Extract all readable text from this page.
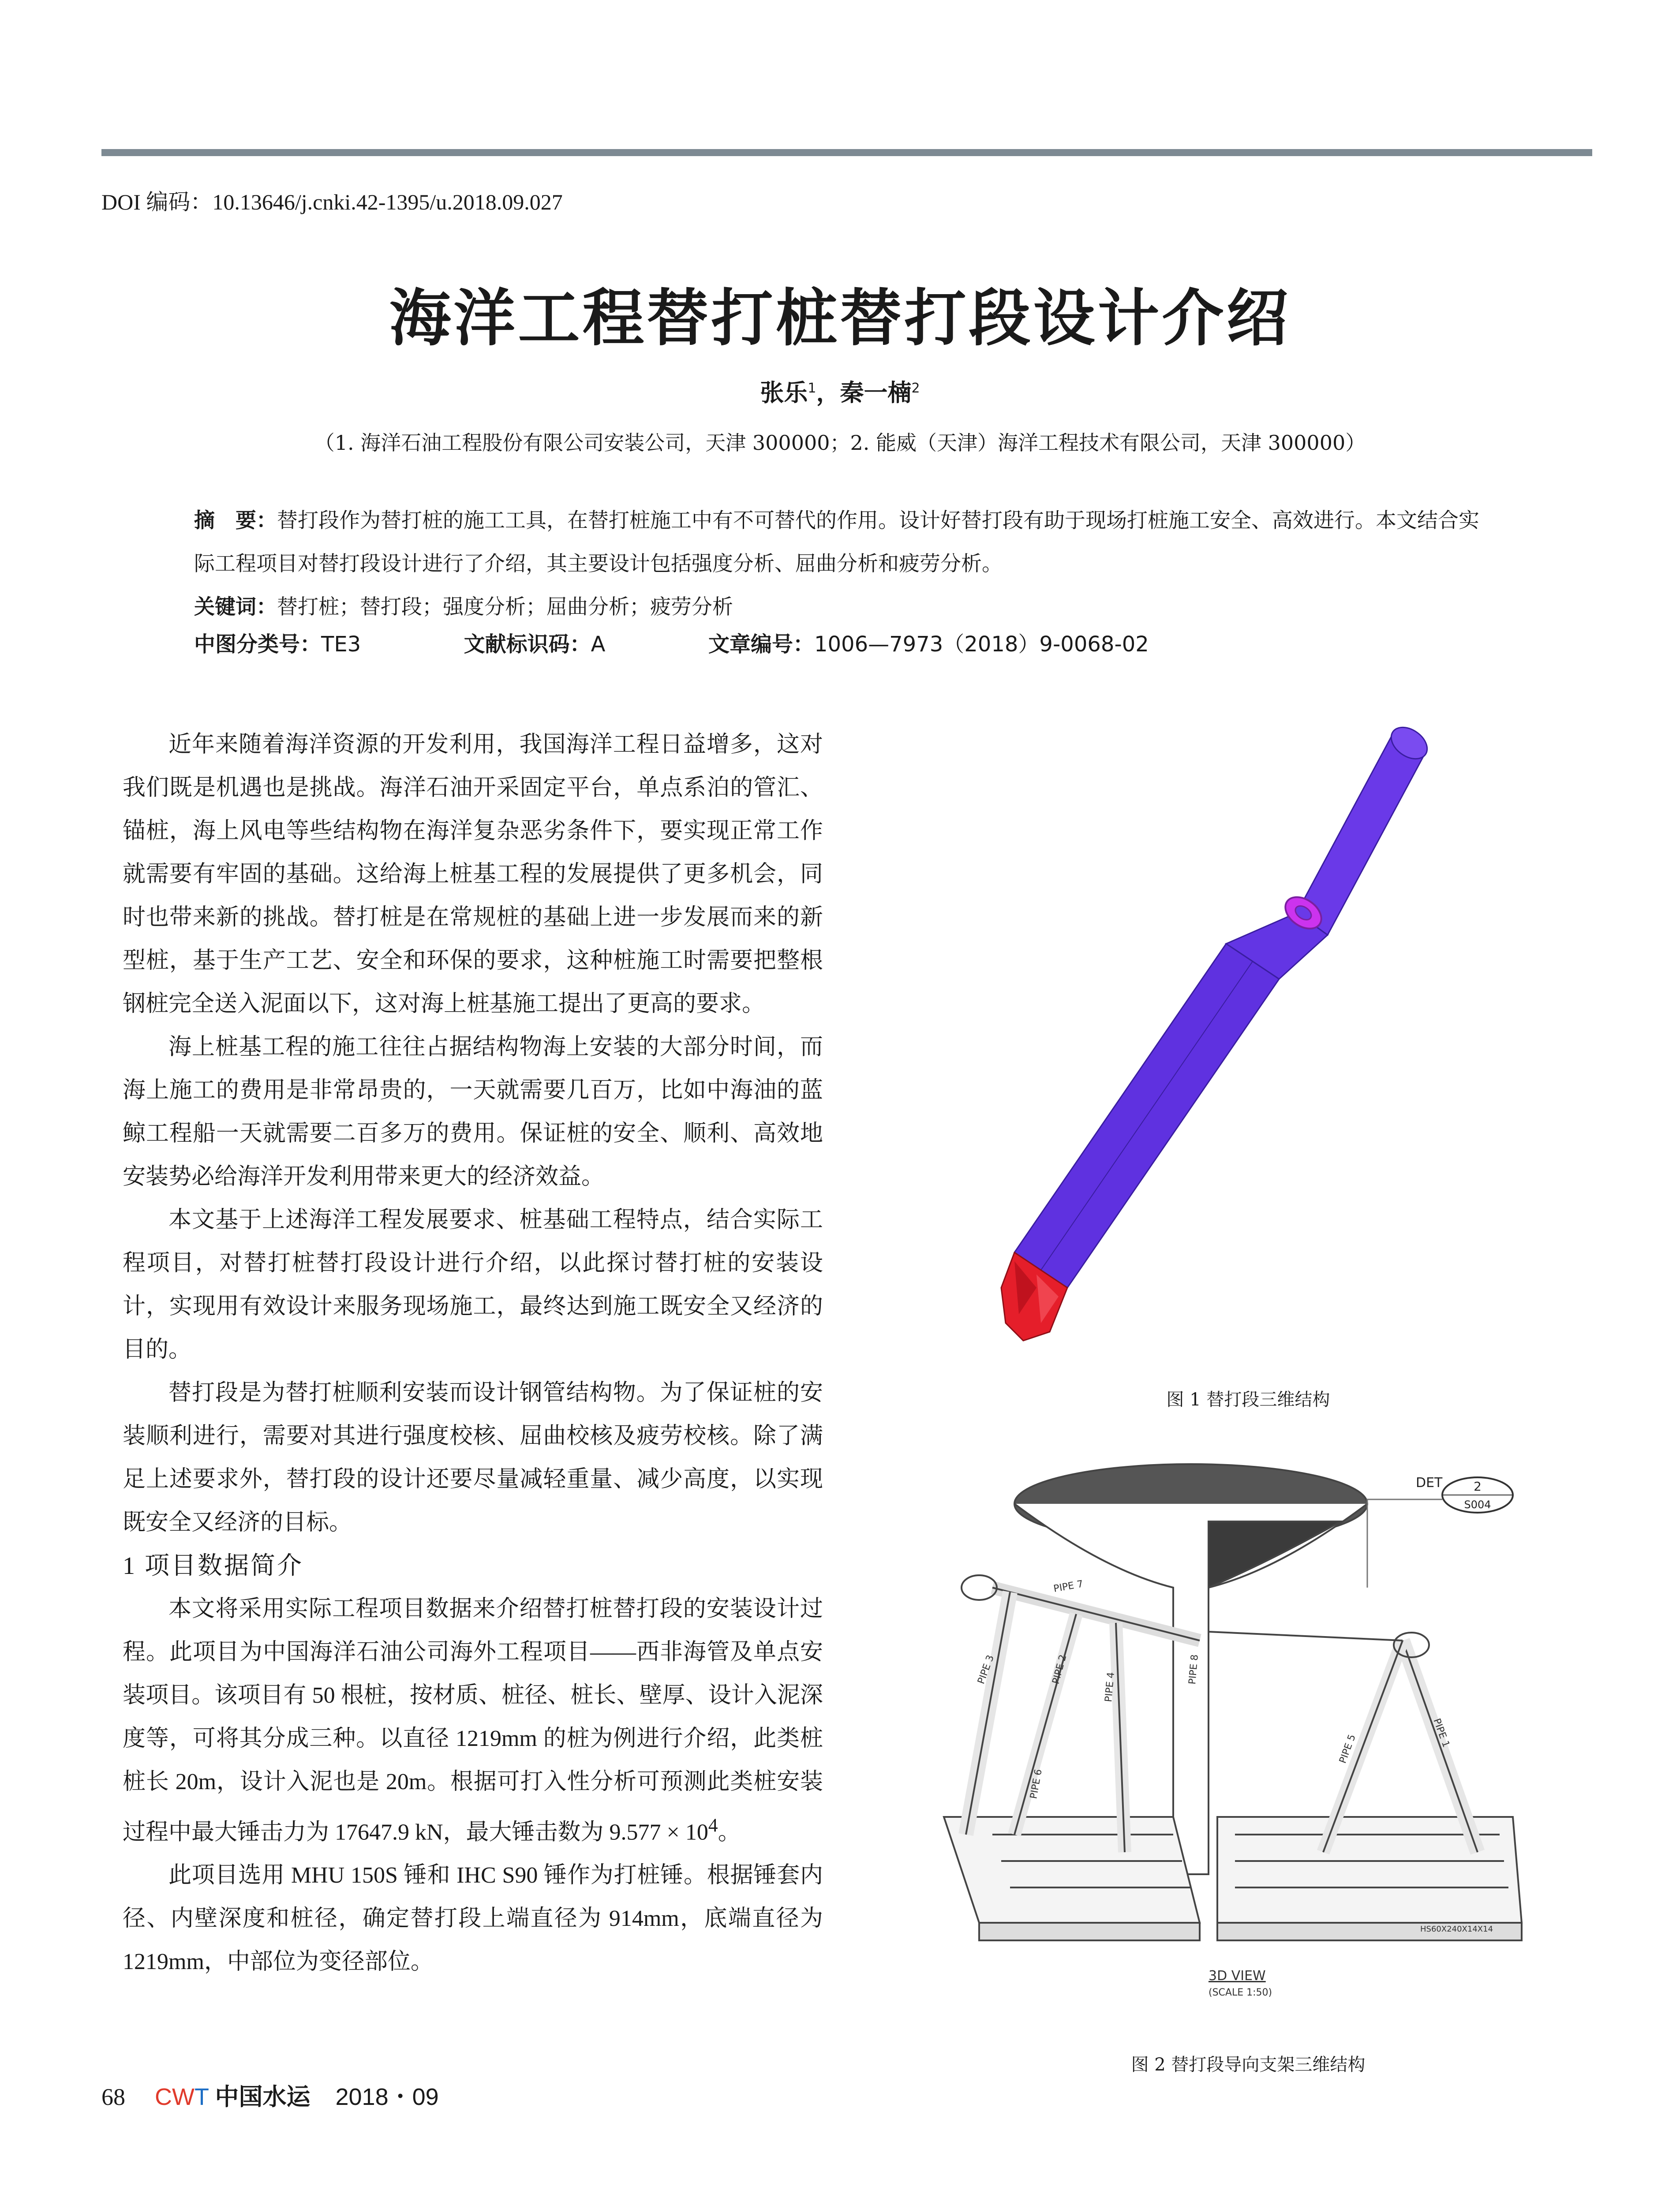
DOI 编码：10.13646/j.cnki.42-1395/u.2018.09.027
海洋工程替打桩替打段设计介绍
张乐$^1$，秦一楠$^2$
（1. 海洋石油工程股份有限公司安装公司，天津 300000；2. 能威（天津）海洋工程技术有限公司，天津 300000）
摘　要：替打段作为替打桩的施工工具，在替打桩施工中有不可替代的作用。设计好替打段有助于现场打桩施工安全、高效进行。本文结合实际工程项目对替打段设计进行了介绍，其主要设计包括强度分析、屈曲分析和疲劳分析。
关键词：替打桩；替打段；强度分析；屈曲分析；疲劳分析
中图分类号：TE3	文献标识码：A	文章编号：1006—7973（2018）9-0068-02

近年来随着海洋资源的开发利用，我国海洋工程日益增多，这对我们既是机遇也是挑战。海洋石油开采固定平台，单点系泊的管汇、锚桩，海上风电等些结构物在海洋复杂恶劣条件下，要实现正常工作就需要有牢固的基础。这给海上桩基工程的发展提供了更多机会，同时也带来新的挑战。替打桩是在常规桩的基础上进一步发展而来的新型桩，基于生产工艺、安全和环保的要求，这种桩施工时需要把整根钢桩完全送入泥面以下，这对海上桩基施工提出了更高的要求。

海上桩基工程的施工往往占据结构物海上安装的大部分时间，而海上施工的费用是非常昂贵的，一天就需要几百万，比如中海油的蓝鲸工程船一天就需要二百多万的费用。保证桩的安全、顺利、高效地安装势必给海洋开发利用带来更大的经济效益。

本文基于上述海洋工程发展要求、桩基础工程特点，结合实际工程项目，对替打桩替打段设计进行介绍，以此探讨替打桩的安装设计，实现用有效设计来服务现场施工，最终达到施工既安全又经济的目的。

替打段是为替打桩顺利安装而设计钢管结构物。为了保证桩的安装顺利进行，需要对其进行强度校核、屈曲校核及疲劳校核。除了满足上述要求外，替打段的设计还要尽量减轻重量、减少高度，以实现既安全又经济的目标。

1 项目数据简介

本文将采用实际工程项目数据来介绍替打桩替打段的安装设计过程。此项目为中国海洋石油公司海外工程项目——西非海管及单点安装项目。该项目有 50 根桩，按材质、桩径、桩长、壁厚、设计入泥深度等，可将其分成三种。以直径 1219mm 的桩为例进行介绍，此类桩桩长 20m，设计入泥也是 20m。根据可打入性分析可预测此类桩安装过程中最大锤击力为 17647.9 kN，最大锤击数为 $9.577 \times 10^4$。

此项目选用 MHU 150S 锤和 IHC S90 锤作为打桩锤。根据锤套内径、内壁深度和桩径，确定替打段上端直径为 914mm，底端直径为 1219mm，中部位为变径部位。

图 1 替打段三维结构
DET	2
S004
PIPE 7
PIPE 3	PIPE 8
PIPE 2
PIPE 4
PIPE 5	PIPE 1
PIPE 6
HS60X240X14X14
3D VIEW
(SCALE 1:50)
图 2 替打段导向支架三维结构
68 CWT 中国水运 2018・09
